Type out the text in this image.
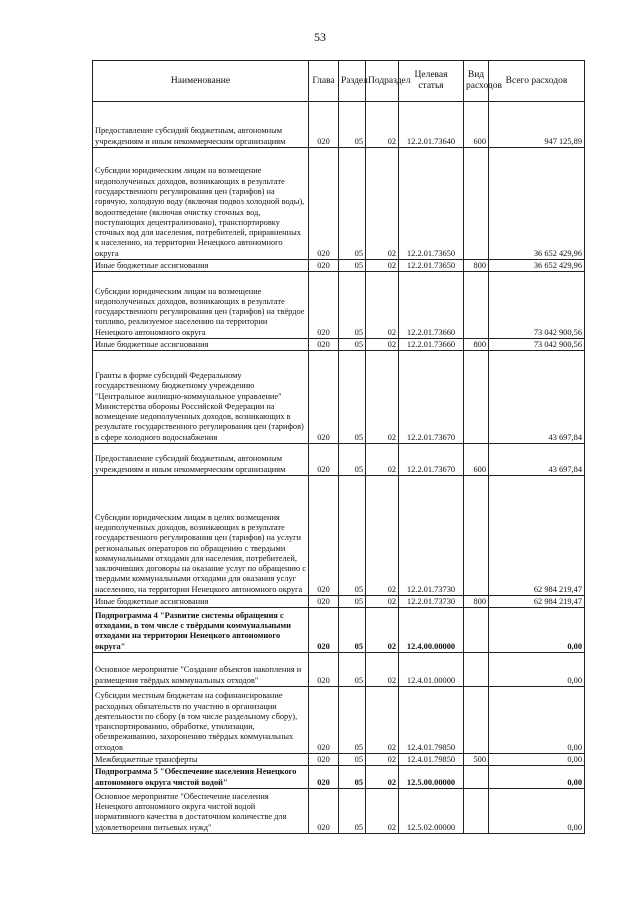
53
Наименование	Глава	Раздел	Подраздел	Целевая статья	Вид расходов	Всего расходов
Предоставление субсидий бюджетным, автономным учреждениям и иным некоммерческим организациям	020	05	02	12.2.01.73640	600	947 125,89
Субсидии юридическим лицам на возмещение недополученных доходов, возникающих в результате государственного регулирования цен (тарифов) на горячую, холодную воду (включая подвоз холодной воды), водоотведение (включая очистку сточных вод, поступающих децентрализовано), транспортировку сточных вод для населения, потребителей, приравненных к населению, на территории Ненецкого автономного округа	020	05	02	12.2.01.73650		36 652 429,96
Иные бюджетные ассигнования	020	05	02	12.2.01.73650	800	36 652 429,96
Субсидии юридическим лицам на возмещение недополученных доходов, возникающих в результате государственного регулирования цен (тарифов) на твёрдое топливо, реализуемое населению на территории Ненецкого автономного округа	020	05	02	12.2.01.73660		73 042 900,56
Иные бюджетные ассигнования	020	05	02	12.2.01.73660	800	73 042 900,56
Гранты в форме субсидий Федеральному государственному бюджетному учреждению "Центральное жилищно-коммунальное управление" Министерства обороны Российской Федерации на возмещение недополученных доходов, возникающих в результате государственного регулирования цен (тарифов) в сфере холодного водоснабжения	020	05	02	12.2.01.73670		43 697,84
Предоставление субсидий бюджетным, автономным учреждениям и иным некоммерческим организациям	020	05	02	12.2.01.73670	600	43 697,84
Субсидии юридическим лицам в целях возмещения недополученных доходов, возникающих в результате государственного регулирования цен (тарифов) на услуги региональных операторов по обращению с твердыми коммунальными отходами для населения, потребителей, заключивших договоры на оказание услуг по обращению с твердыми коммунальными отходами для оказания услуг населению, на территории Ненецкого автономного округа	020	05	02	12.2.01.73730		62 984 219,47
Иные бюджетные ассигнования	020	05	02	12.2.01.73730	800	62 984 219,47
Подпрограмма 4 "Развитие системы обращения с отходами, в том числе с твёрдыми коммунальными отходами на территории Ненецкого автономного округа"	020	05	02	12.4.00.00000		0,00
Основное мероприятие "Создание объектов накопления и размещения твёрдых коммунальных отходов"	020	05	02	12.4.01.00000		0,00
Субсидии местным бюджетам на софинансирование расходных обязательств по участию в организации деятельности по сбору (в том числе раздельному сбору), транспортированию, обработке, утилизации, обезвреживанию, захоронению твёрдых коммунальных отходов	020	05	02	12.4.01.79850		0,00
Межбюджетные трансферты	020	05	02	12.4.01.79850	500	0,00
Подпрограмма 5 "Обеспечение населения Ненецкого автономного округа чистой водой"	020	05	02	12.5.00.00000		0,00
Основное мероприятие "Обеспечение населения Ненецкого автономного округа чистой водой нормативного качества в достаточном количестве для удовлетворения питьевых нужд"	020	05	02	12.5.02.00000		0,00
